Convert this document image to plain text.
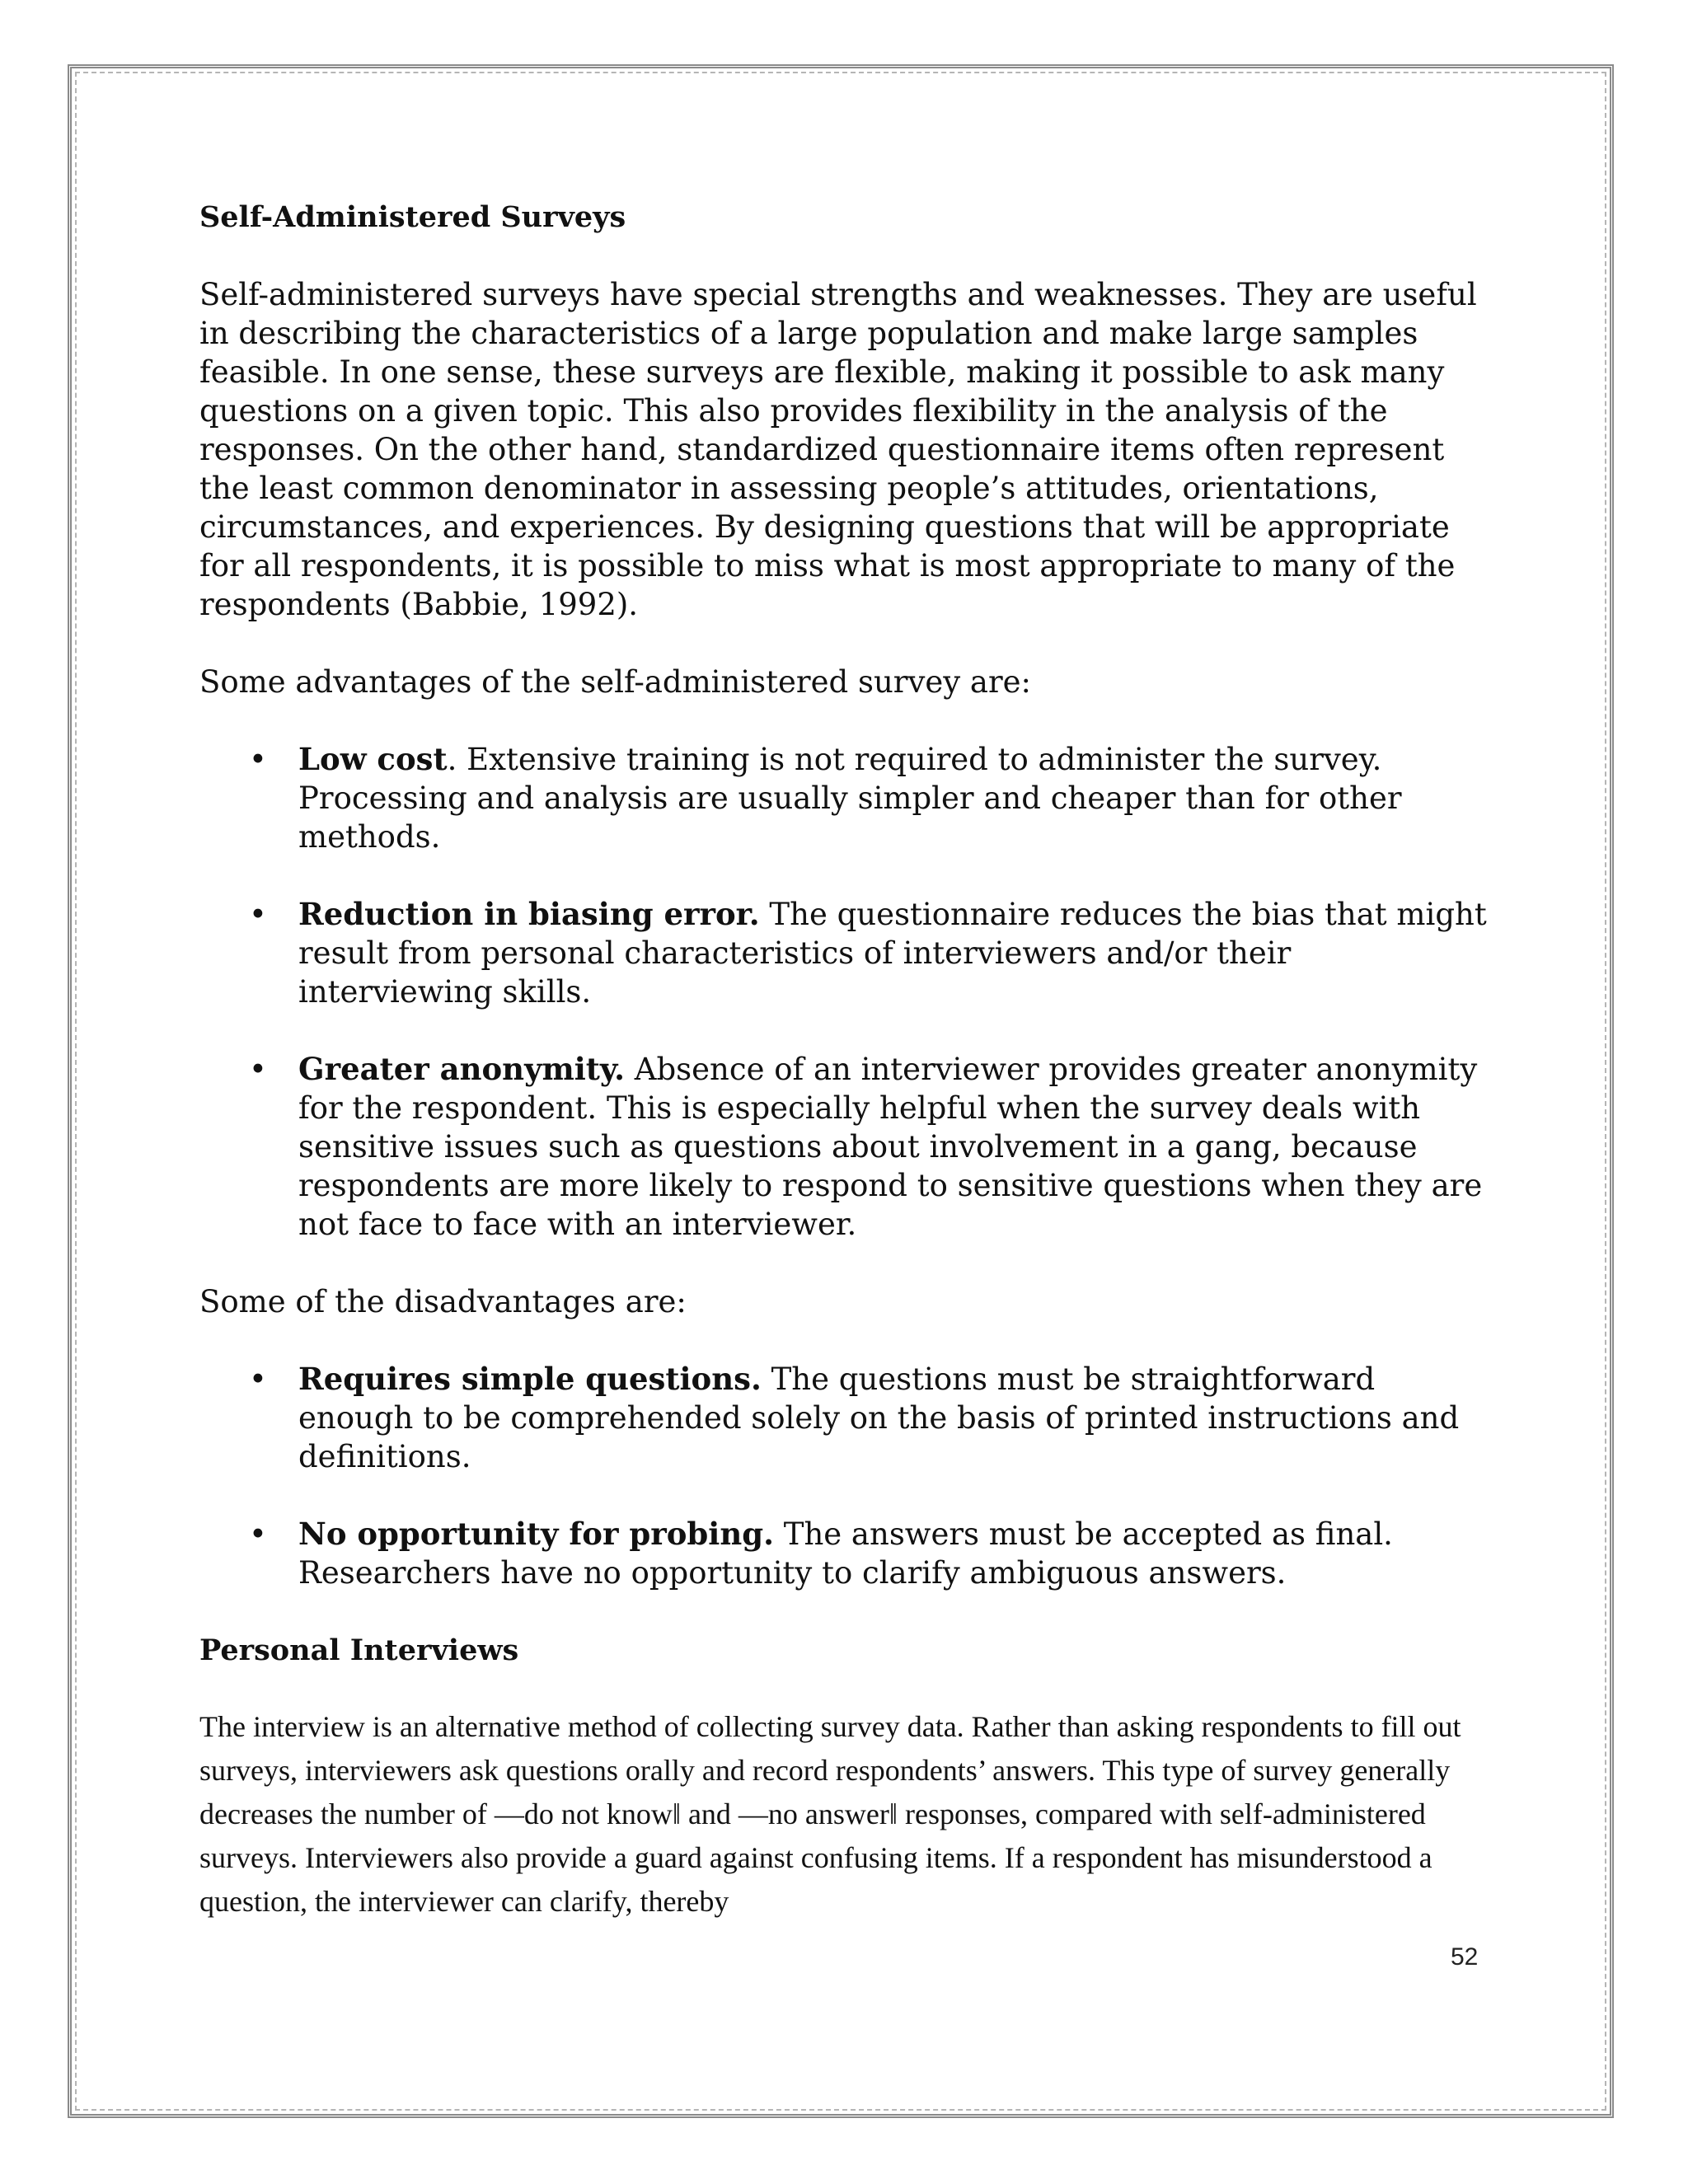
Self-Administered Surveys

Self-administered surveys have special strengths and weaknesses. They are useful in describing the characteristics of a large population and make large samples feasible. In one sense, these surveys are flexible, making it possible to ask many questions on a given topic. This also provides flexibility in the analysis of the responses. On the other hand, standardized questionnaire items often represent the least common denominator in assessing people’s attitudes, orientations, circumstances, and experiences. By designing questions that will be appropriate for all respondents, it is possible to miss what is most appropriate to many of the respondents (Babbie, 1992).

Some advantages of the self-administered survey are:

• Low cost. Extensive training is not required to administer the survey. Processing and analysis are usually simpler and cheaper than for other methods.
• Reduction in biasing error. The questionnaire reduces the bias that might result from personal characteristics of interviewers and/or their interviewing skills.
• Greater anonymity. Absence of an interviewer provides greater anonymity for the respondent. This is especially helpful when the survey deals with sensitive issues such as questions about involvement in a gang, because respondents are more likely to respond to sensitive questions when they are not face to face with an interviewer.

Some of the disadvantages are:

• Requires simple questions. The questions must be straightforward enough to be comprehended solely on the basis of printed instructions and definitions.
• No opportunity for probing. The answers must be accepted as final. Researchers have no opportunity to clarify ambiguous answers.
Personal Interviews

The interview is an alternative method of collecting survey data. Rather than asking respondents to fill out surveys, interviewers ask questions orally and record respondents’ answers. This type of survey generally decreases the number of ―do not know‖ and ―no answer‖ responses, compared with self-administered surveys. Interviewers also provide a guard against confusing items. If a respondent has misunderstood a question, the interviewer can clarify, thereby

52
